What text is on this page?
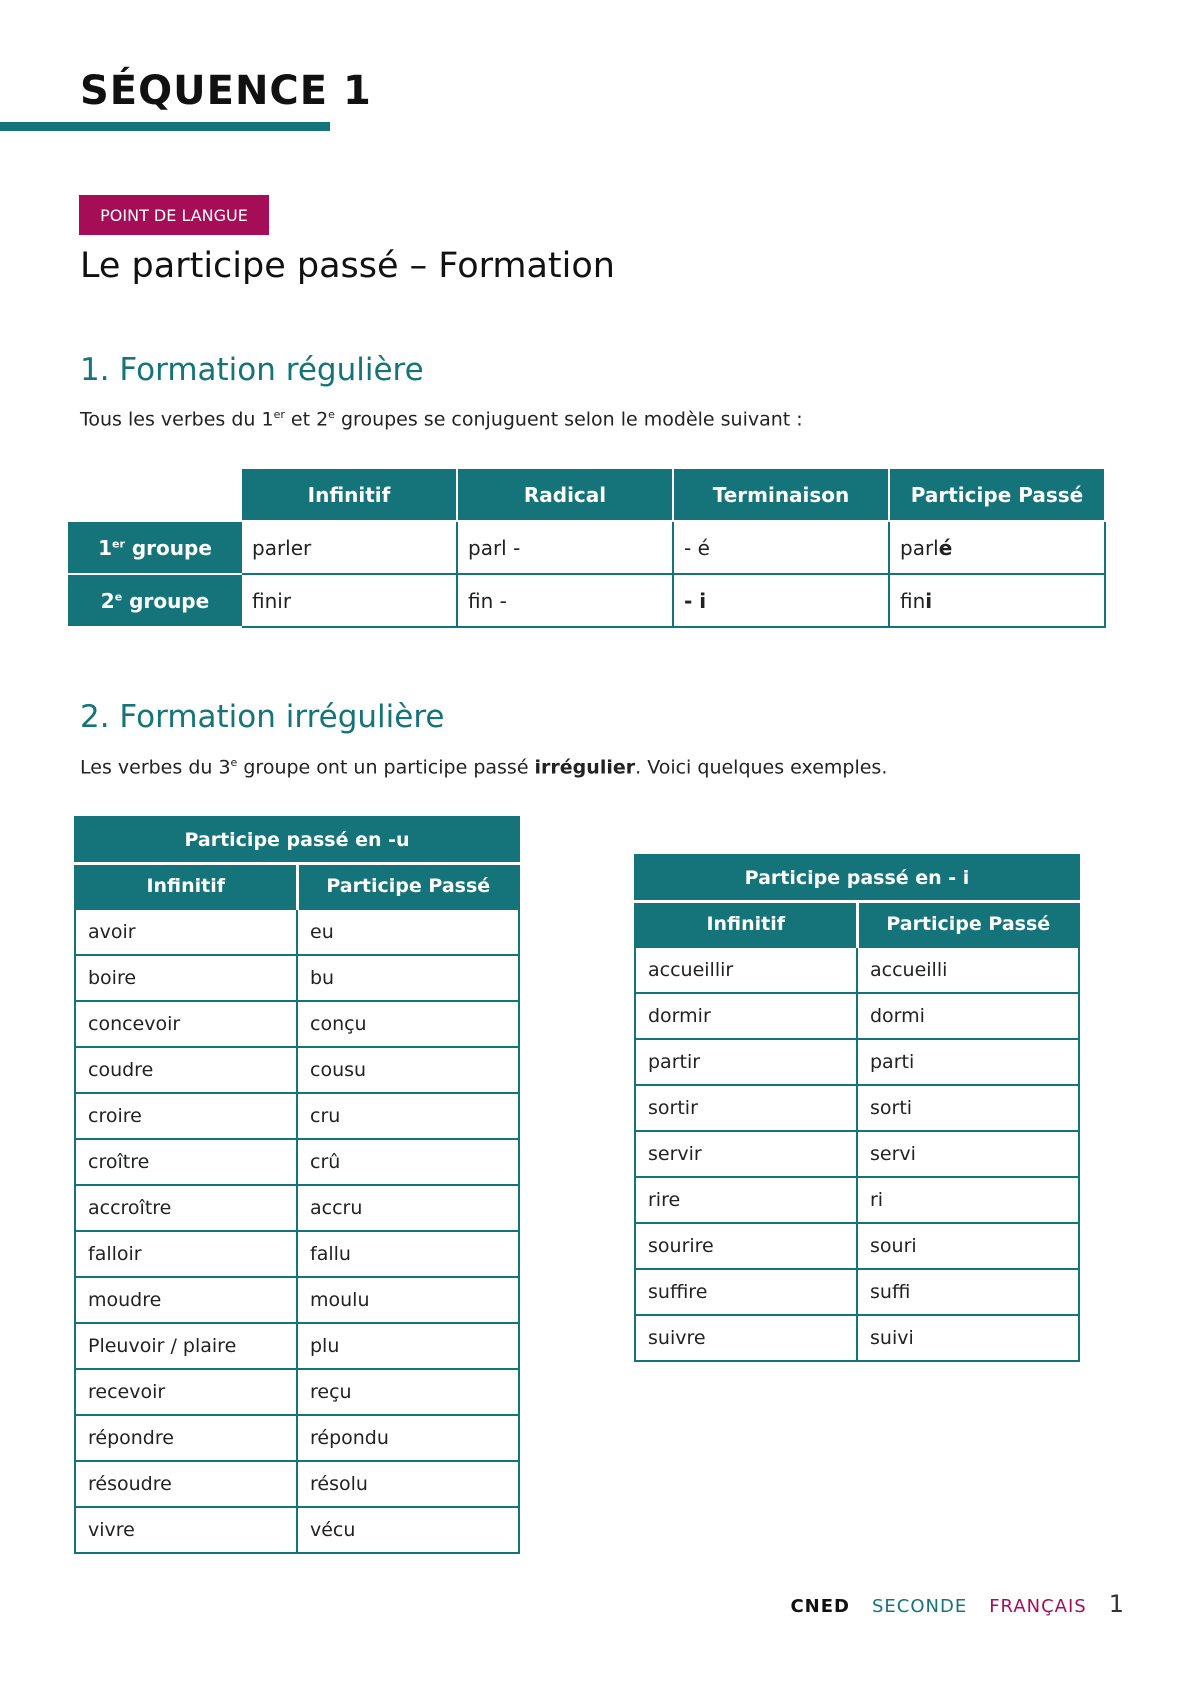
SÉQUENCE 1
POINT DE LANGUE
Le participe passé – Formation
1. Formation régulière
Tous les verbes du 1er et 2e groupes se conjuguent selon le modèle suivant :
	Infinitif	Radical	Terminaison	Participe Passé
1er groupe	parler	parl -	- é	parlé
2e groupe	finir	fin -	- i	fini
2. Formation irrégulière
Les verbes du 3e groupe ont un participe passé irrégulier. Voici quelques exemples.
Participe passé en -u	
Infinitif	Participe Passé
avoir	eu
boire	bu
concevoir	conçu
coudre	cousu
croire	cru
croître	crû
accroître	accru
falloir	fallu
moudre	moulu
Pleuvoir / plaire	plu
recevoir	reçu
répondre	répondu
résoudre	résolu
vivre	vécu
Participe passé en - i	
Infinitif	Participe Passé
accueillir	accueilli
dormir	dormi
partir	parti
sortir	sorti
servir	servi
rire	ri
sourire	souri
suffire	suffi
suivre	suivi
CNED SECONDE FRANÇAIS 1
